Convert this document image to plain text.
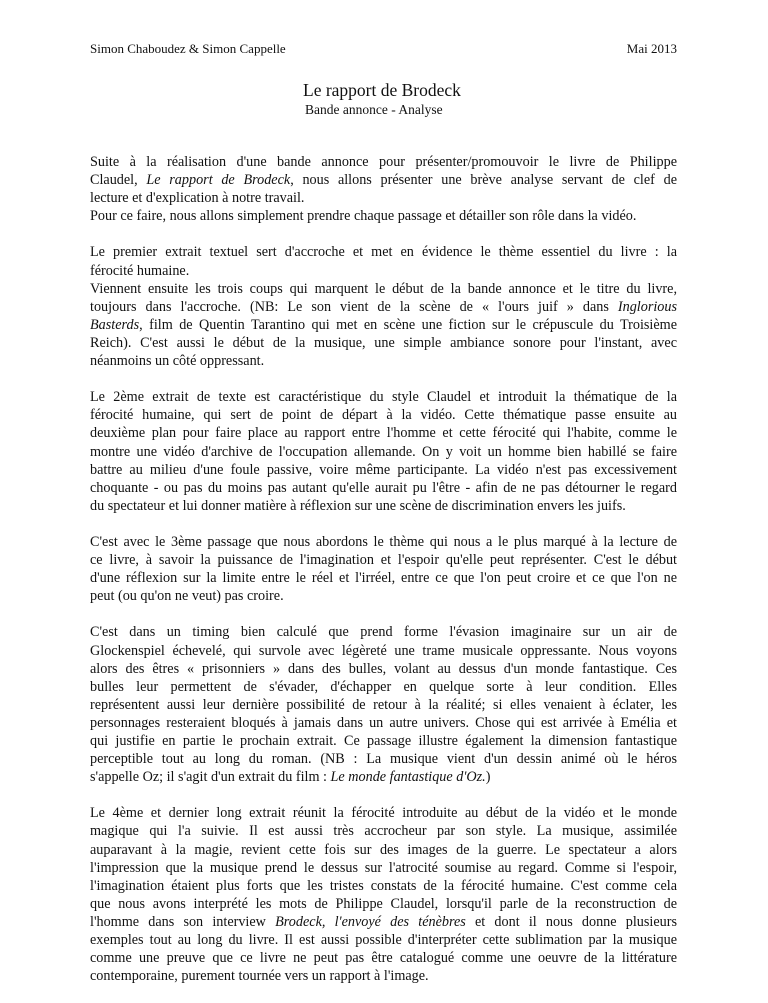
Simon Chaboudez & Simon Cappelle	Mai 2013
Le rapport de Brodeck
Bande annonce - Analyse

Suite à la réalisation d'une bande annonce pour présenter/promouvoir le livre de Philippe
Claudel, Le rapport de Brodeck, nous allons présenter une brève analyse servant de clef de
lecture et d'explication à notre travail.
Pour ce faire, nous allons simplement prendre chaque passage et détailler son rôle dans la vidéo.

Le premier extrait textuel sert d'accroche et met en évidence le thème essentiel du livre : la
férocité humaine.
Viennent ensuite les trois coups qui marquent le début de la bande annonce et le titre du livre,
toujours dans l'accroche. (NB: Le son vient de la scène de « l'ours juif » dans Inglorious
Basterds, film de Quentin Tarantino qui met en scène une fiction sur le crépuscule du Troisième
Reich). C'est aussi le début de la musique, une simple ambiance sonore pour l'instant, avec
néanmoins un côté oppressant.

Le 2ème extrait de texte est caractéristique du style Claudel et introduit la thématique de la
férocité humaine, qui sert de point de départ à la vidéo. Cette thématique passe ensuite au
deuxième plan pour faire place au rapport entre l'homme et cette férocité qui l'habite, comme le
montre une vidéo d'archive de l'occupation allemande. On y voit un homme bien habillé se faire
battre au milieu d'une foule passive, voire même participante. La vidéo n'est pas excessivement
choquante - ou pas du moins pas autant qu'elle aurait pu l'être - afin de ne pas détourner le regard
du spectateur et lui donner matière à réflexion sur une scène de discrimination envers les juifs.

C'est avec le 3ème passage que nous abordons le thème qui nous a le plus marqué à la lecture de
ce livre, à savoir la puissance de l'imagination et l'espoir qu'elle peut représenter. C'est le début
d'une réflexion sur la limite entre le réel et l'irréel, entre ce que l'on peut croire et ce que l'on ne
peut (ou qu'on ne veut) pas croire.

C'est dans un timing bien calculé que prend forme l'évasion imaginaire sur un air de
Glockenspiel échevelé, qui survole avec légèreté une trame musicale oppressante. Nous voyons
alors des êtres « prisonniers » dans des bulles, volant au dessus d'un monde fantastique. Ces
bulles leur permettent de s'évader, d'échapper en quelque sorte à leur condition. Elles
représentent aussi leur dernière possibilité de retour à la réalité; si elles venaient à éclater, les
personnages resteraient bloqués à jamais dans un autre univers. Chose qui est arrivée à Emélia et
qui justifie en partie le prochain extrait. Ce passage illustre également la dimension fantastique
perceptible tout au long du roman. (NB : La musique vient d'un dessin animé où le héros
s'appelle Oz; il s'agit d'un extrait du film : Le monde fantastique d'Oz.)

Le 4ème et dernier long extrait réunit la férocité introduite au début de la vidéo et le monde
magique qui l'a suivie. Il est aussi très accrocheur par son style. La musique, assimilée
auparavant à la magie, revient cette fois sur des images de la guerre. Le spectateur a alors
l'impression que la musique prend le dessus sur l'atrocité soumise au regard. Comme si l'espoir,
l'imagination étaient plus forts que les tristes constats de la férocité humaine. C'est comme cela
que nous avons interprété les mots de Philippe Claudel, lorsqu'il parle de la reconstruction de
l'homme dans son interview Brodeck, l'envoyé des ténèbres et dont il nous donne plusieurs
exemples tout au long du livre. Il est aussi possible d'interpréter cette sublimation par la musique
comme une preuve que ce livre ne peut pas être catalogué comme une oeuvre de la littérature
contemporaine, purement tournée vers un rapport à l'image.
